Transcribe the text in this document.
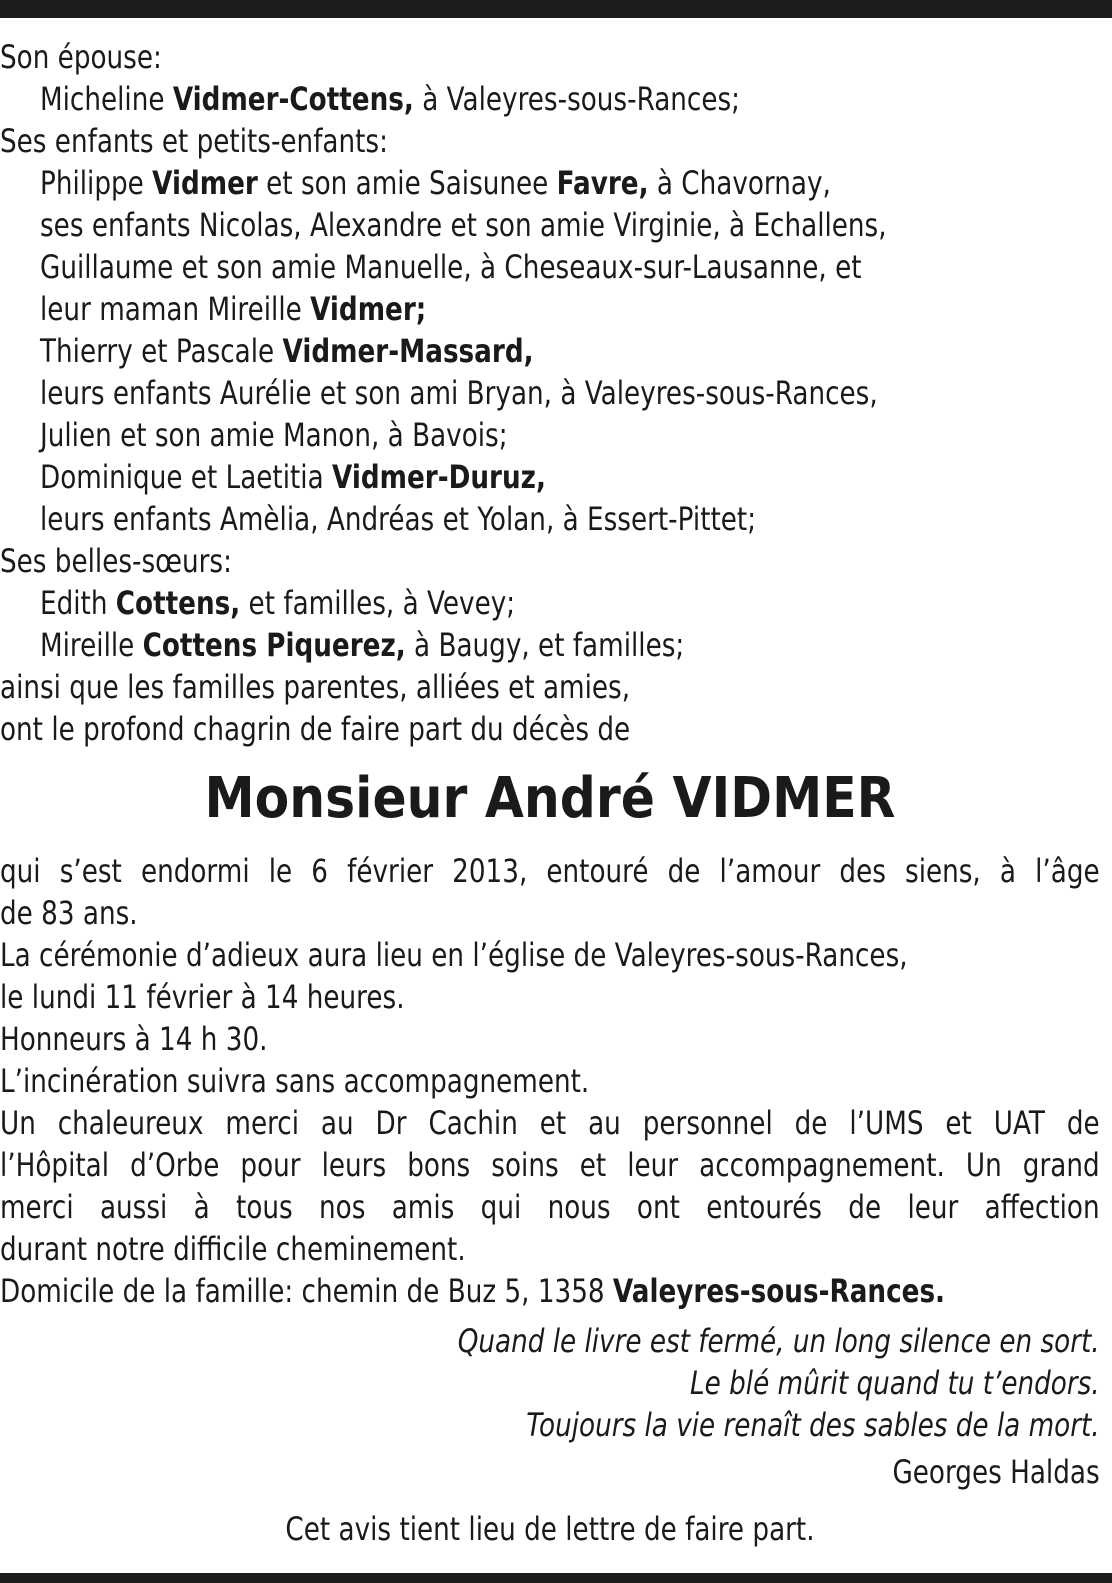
Son épouse:

Micheline Vidmer-Cottens, à Valeyres-sous-Rances;

Ses enfants et petits-enfants:

Philippe Vidmer et son amie Saisunee Favre, à Chavornay,

ses enfants Nicolas, Alexandre et son amie Virginie, à Echallens,

Guillaume et son amie Manuelle, à Cheseaux-sur-Lausanne, et

leur maman Mireille Vidmer;

Thierry et Pascale Vidmer-Massard,

leurs enfants Aurélie et son ami Bryan, à Valeyres-sous-Rances,

Julien et son amie Manon, à Bavois;

Dominique et Laetitia Vidmer-Duruz,

leurs enfants Amèlia, Andréas et Yolan, à Essert-Pittet;

Ses belles-sœurs:

Edith Cottens, et familles, à Vevey;

Mireille Cottens Piquerez, à Baugy, et familles;

ainsi que les familles parentes, alliées et amies,

ont le profond chagrin de faire part du décès de

Monsieur André VIDMER

qui s’est endormi le 6 février 2013, entouré de l’amour des siens, à l’âge

de 83 ans.

La cérémonie d’adieux aura lieu en l’église de Valeyres-sous-Rances,

le lundi 11 février à 14 heures.

Honneurs à 14 h 30.

L’incinération suivra sans accompagnement.

Un chaleureux merci au Dr Cachin et au personnel de l’UMS et UAT de

l’Hôpital d’Orbe pour leurs bons soins et leur accompagnement. Un grand

merci aussi à tous nos amis qui nous ont entourés de leur affection

durant notre difficile cheminement.

Domicile de la famille: chemin de Buz 5, 1358 Valeyres-sous-Rances.

Quand le livre est fermé, un long silence en sort.
Le blé mûrit quand tu t’endors.
Toujours la vie renaît des sables de la mort.
Georges Haldas
Cet avis tient lieu de lettre de faire part.
